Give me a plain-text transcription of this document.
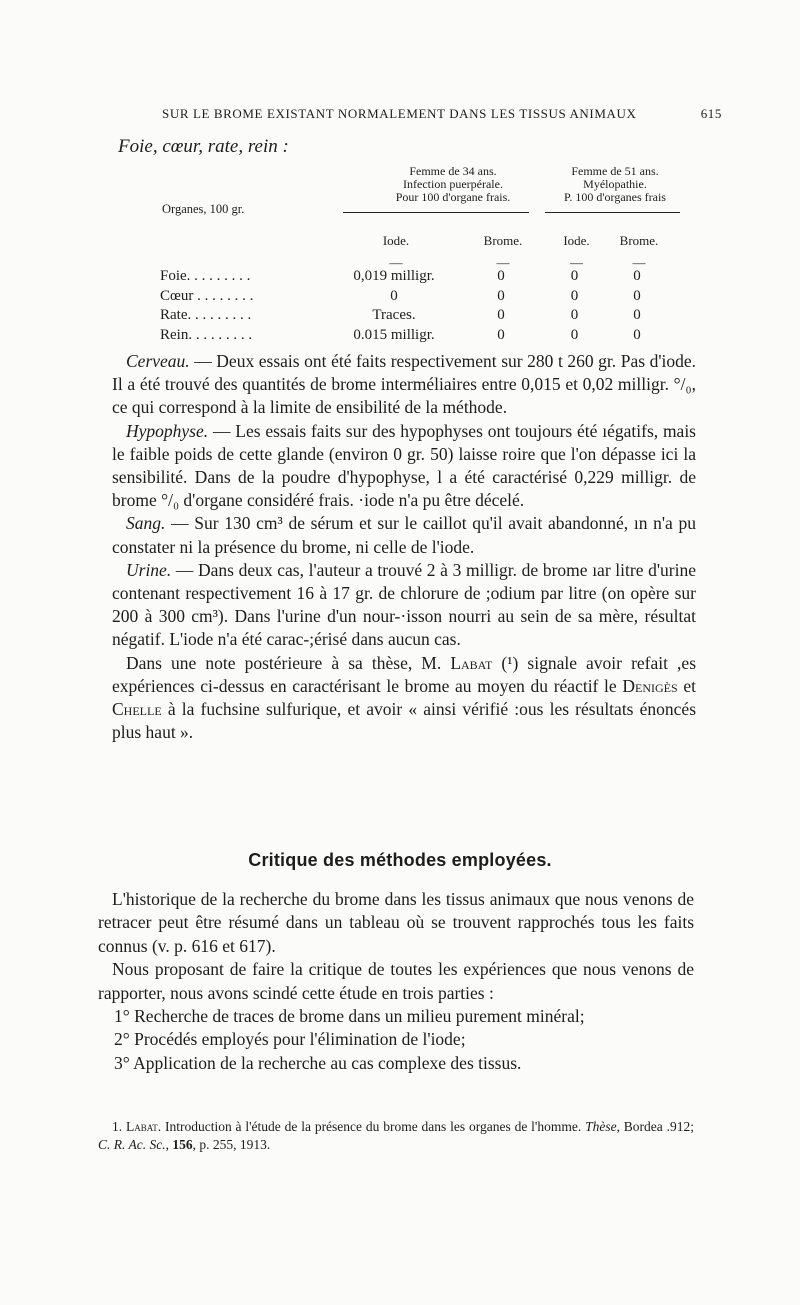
SUR LE BROME EXISTANT NORMALEMENT DANS LES TISSUS ANIMAUX	615
Foie, cœur, rate, rein :
Femme de 34 ans.
Infection puerpérale.
Pour 100 d'organe frais.
Femme de 51 ans.
Myélopathie.
P. 100 d'organes frais
Organes, 100 gr.
Iode.	Brome.	Iode.	Brome.
—	—	—	—
Foie. . . . . . . . .	0,019 milligr.	0	0	0
Cœur . . . . . . . .	0	0	0	0
Rate. . . . . . . . .	Traces.	0	0	0
Rein. . . . . . . . .	0.015 milligr.	0	0	0

Cerveau. — Deux essais ont été faits respectivement sur 280 t 260 gr. Pas d'iode. Il a été trouvé des quantités de brome interméliaires entre 0,015 et 0,02 milligr. °/₀, ce qui correspond à la limite de ensibilité de la méthode.

Hypophyse. — Les essais faits sur des hypophyses ont toujours été ıégatifs, mais le faible poids de cette glande (environ 0 gr. 50) laisse roire que l'on dépasse ici la sensibilité. Dans de la poudre d'hypophyse, l a été caractérisé 0,229 milligr. de brome °/₀ d'organe considéré frais. ·iode n'a pu être décelé.

Sang. — Sur 130 cm³ de sérum et sur le caillot qu'il avait abandonné, ın n'a pu constater ni la présence du brome, ni celle de l'iode.

Urine. — Dans deux cas, l'auteur a trouvé 2 à 3 milligr. de brome ıar litre d'urine contenant respectivement 16 à 17 gr. de chlorure de ;odium par litre (on opère sur 200 à 300 cm³). Dans l'urine d'un nour-·isson nourri au sein de sa mère, résultat négatif. L'iode n'a été carac-;érisé dans aucun cas.

Dans une note postérieure à sa thèse, M. Labat (¹) signale avoir refait ,es expériences ci-dessus en caractérisant le brome au moyen du réactif le Denigès et Chelle à la fuchsine sulfurique, et avoir « ainsi vérifié :ous les résultats énoncés plus haut ».

Critique des méthodes employées.

L'historique de la recherche du brome dans les tissus animaux que nous venons de retracer peut être résumé dans un tableau où se trouvent rapprochés tous les faits connus (v. p. 616 et 617).

Nous proposant de faire la critique de toutes les expériences que nous venons de rapporter, nous avons scindé cette étude en trois parties :

1° Recherche de traces de brome dans un milieu purement minéral;

2° Procédés employés pour l'élimination de l'iode;

3° Application de la recherche au cas complexe des tissus.

1. Labat. Introduction à l'étude de la présence du brome dans les organes de l'homme. Thèse, Bordea .912; C. R. Ac. Sc., 156, p. 255, 1913.
